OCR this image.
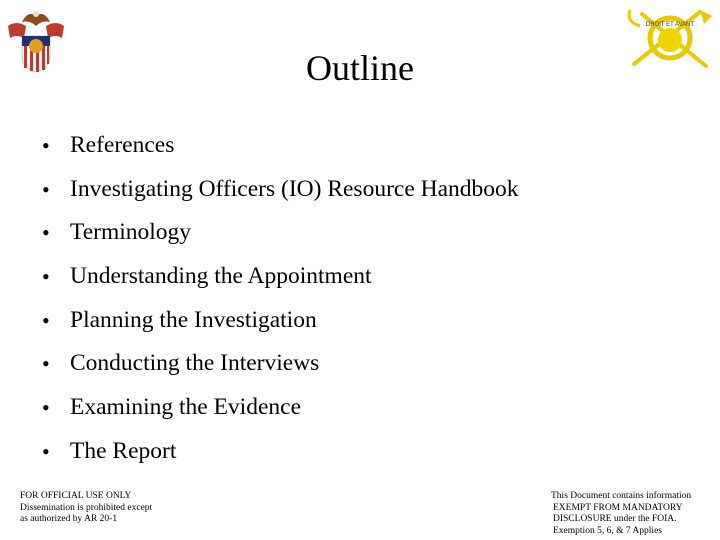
DROIT ET AVANT
Outline
• References
• Investigating Officers (IO) Resource Handbook
• Terminology
• Understanding the Appointment
• Planning the Investigation
• Conducting the Interviews
• Examining the Evidence
• The Report
FOR OFFICIAL USE ONLY
Dissemination is prohibited except
as authorized by AR 20-1
This Document contains information
EXEMPT FROM MANDATORY
DISCLOSURE under the FOIA.
Exemption 5, 6, & 7 Applies
